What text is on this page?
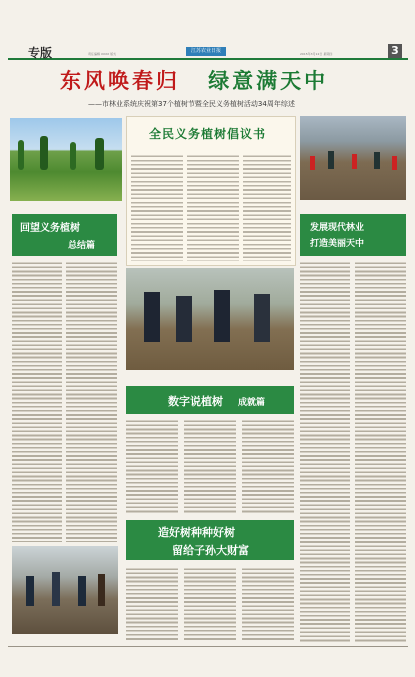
专版	责任编辑 XXXX 版式	江苏农业日报	2015年3月12日 星期四	3
东风唤春归 绿意满天中
——市林业系统庆祝第37个植树节暨全民义务植树活动34周年综述
全民义务植树倡议书
回望义务植树
总结篇
发展现代林业
打造美丽天中
数字说植树 成就篇
造好树种种好树
留给子孙大财富
